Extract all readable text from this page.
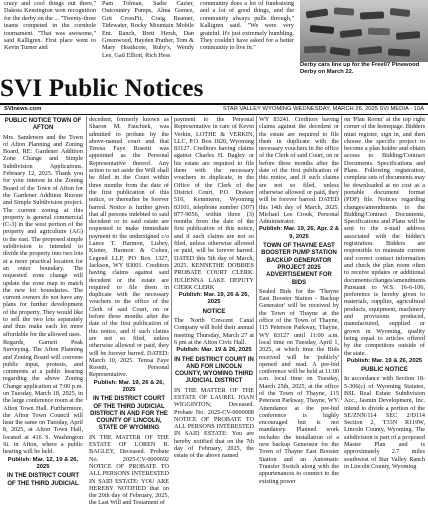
crazy and cool things out there," Dakota Kensington won recognition for the derby on the ... "Twenty-three teams competed in the cornhole tournament. "That was awesome," said Kalligren. First place went to Kevin Turner and
Pam Tolman, Sadie Cazier, Outcountry Pumps, Alma Gomez, Grit CrossFit, Craig Beamer, Tidewater, Rocky Mountain Mobile Ent. Ranch, Brett Hersh, Dan Greenwood, Hayden Prather, Tom & Mary Heathcote, Ruby's, Wendy Lee, Gail Elliott, Rich Hess
community does a lot of fundraising and a lot of good things, and the community always pulls through," Kalligren said. "We were very grateful. It's just extremely humbling. They couldn't have asked for a better community to live in."
Derby cars line up for the Free07 Pinewood Derby on March 22.
SVI Public Notices
SVInews.com	STAR VALLEY WYOMING WEDNESDAY, MARCH 26, 2025 SVI MEDIA - 10A

PUBLIC NOTICE TOWN OF AFTON

Mrs. Sanderson and the Town of Afton Planning and Zoning Board, RE: Gardener Addition Zone Change and Simple Subdivision Applications. February 12, 2025. Thank you for your interest in the Zoning Board of the Town of Afton for the Gardener Addition Rezone and Simple Subdivision project. The current zoning at this property is general commercial (C-3) in the west portion of the property and agriculture (AG) to the east. The proposed simple subdivision is intended to divide the property into two lots at a more practical location for an outer boundary. The requested zone change will update the zone map to match the new lot boundaries. The current owners do not have any plans for further development of the property. They would like to sell the two lots separately and thus make each lot more affordable for the allowed uses.

Regards, Garnett Peak Surveying. The Afton Planning and Zoning Board will convene public input, protests, and comments at a public hearing regarding the above Zoning Change application at 7:00 p.m. on Tuesday, March 18, 2025, in the large conference room at the Afton Town Hall. Furthermore, the Afton Town Council will hear the same on Tuesday, April 8, 2025, at Afton Town Hall, located at 416 S. Washington St. in Afton, where a public hearing will be held.

Publish: Mar. 12, 19 & 26, 2025

IN THE DISTRICT COURT OF THE THIRD JUDICIAL

decedent, formerly known as Sharon M. Fauchiek, was admitted to probate by the above-named court and that Teresa Faye Rosetti was appointed as the Personal Representative thereof. Any action to set aside the Will shall be filed in the Court within three months from the date of the first publication of this notice, or thereafter be forever barred. Notice is further given that all persons indebted to said decedent or to said estate are requested to make immediate payment to the undersigned c/o Lance T. Harmon, Lisbey, Kisner, Harmon & Cohen, Legend LLP, PO Box 1327, Jackson, WY 83001. Creditors having claims against said decedent or the estate are required to file them in duplicate with the necessary vouchers in the office of the Clerk of said Court, on or before three months after the date of the first publication of this notice, and if such claims are not so filed, unless otherwise allowed or paid, they will be forever barred. DATED: March 10, 2025. Teresa Faye Rosetti, Personal Representative.

Publish: Mar. 19, 26 & 26, 2025

IN THE DISTRICT COURT OF THE THIRD JUDICIAL DISTRICT IN AND FOR THE COUNTY OF LINCOLN, STATE OF WYOMING

IN THE MATTER OF THE ESTATE OF LOREN B. BAGLEY, Deceased. Probate No. 2025-CV-0000692 NOTICE OF PROBATE TO ALL PERSONS INTERESTED IN SAID ESTATE: YOU ARE HEREBY NOTIFIED that on the 20th day of February, 2025, the Last Will and Testament of

payment to the Personal Representative in care of Kevin Verkin, LOTHE & VERKIN, LLC, P.O. Box 1820, Wyoming 83127. Creditors having claims against Charles H. Bagley or his estate are required to file them with the necessary vouchers in duplicate, in the Office of the Clerk of the District Court, P.O. Drawer 510, Kemmerer, Wyoming 83101, telephone number (307) 877-9056, within three (3) months from the date of the first publication of this notice, and if such claims are not so filed, unless otherwise allowed or paid, will be forever barred. DATED this 5th day of March, 2025. KENNETHE DOBBIES PROBATE COURT CLERK. JULIENNA LAKE DEPUTY CIERK CLERK

Publish: Mar. 19, 26 & 26, 2025

NOTICE

The North Crescent Canal Company will hold their annual meeting Thursday, March 27 at 6 pm at the Afton Civic Hall.

Publish: Mar. 19 & 26, 2025

IN THE DISTRICT COURT IN AND FOR LINCOLN COUNTY, WYOMING THIRD JUDICIAL DISTRICT

IN THE MATTER OF THE ESTATE OF LAUREL JOAN WIGGINTON, Deceased. Probate No. 2025-CV-0000008 NOTICE OF PROBATE TO ALL PERSONS INTERESTED IN SAID ESTATE: You are hereby notified that on the 7th day of February, 2025, the estate of the above named

WY 83241. Creditors having claims against the decedent or the estate are required to file them in duplicate with the necessary vouchers in the office of the Clerk of said Court, on or before three months after the date of the first publication of this notice, and if such claims are not so filed, unless otherwise allowed or paid, they will be forever barred. DATED this 14th day of March, 2025. Michael Lee Crook, Personal Administrator.

Publish: Mar. 19, 26, Apr. 2 & 9, 2025

TOWN OF THAYNE EAST BOOSTER PUMP STATION BACKUP GENERATOR PROJECT 2025 ADVERTISEMENT FOR BIDS

Sealed Bids for the 'Thayne East Booster Station - Backup Generator' will be received by the Town of Thayne at the office of the Town of Thayne, 115 Peterson Parkway, Thayne, WY 83127 until 11:00 a.m. local time on Tuesday, April 1, 2025, at which time the Bids received will be 'publicly' opened and read. A pre-bid conference will be held at 11:00 a.m. local time on Tuesday, March 25th, 2025, at the office of the Town of Thayne, 115 Peterson Parkway, Thayne, WY. Attendance at the pre-bid conference is highly encouraged but is not mandatory. Planned work includes the installation of a new backup Generator for the Town of Thayne East Booster Station and an Automatic Transfer Switch along with the appurtenances to connect to the existing power

on 'Plan Room' at the top right corner of the homepage. Bidders must register, sign in, and then choose the specific project to become a plan holder and obtain access to Bidding/Contract Documents. Specifications and Plans. Following registration, complete sets of documents may be downloaded at no cost as a portable document format (PDF) file. Notices regarding changes/amendments to the Bidding/Contract Documents, Specifications and Plans will be sent to the e-mail address associated with the bidder's registration. Bidders are responsible to maintain current and correct contact information and check the plan room often to receive updates or additional documents/changes/amendments. Pursuant to W.S. 16-6-106, preference is hereby given to materials, supplies, agricultural products, equipment, machinery and provisions produced, manufactured, supplied or grown in Wyoming, quality being equal to articles offered by the competitors outside of the state.

Publish: Mar. 19 & 26, 2025

PUBLIC NOTICE

In accordance with Section 18-5-306(c) of Wyoming Statutes, BSL Real Estate Subdivision Acc., Jasmin Development, Inc. intend to divide a portion of the SE/ZNN/114 SEC 2/D114 Section 2, T33N R119W, Lincoln County, Wyoming. The subdivision is part of a proposed Master Plan and is approximately 2.7 miles southwest of Star Valley Ranch in Lincoln County, Wyoming
